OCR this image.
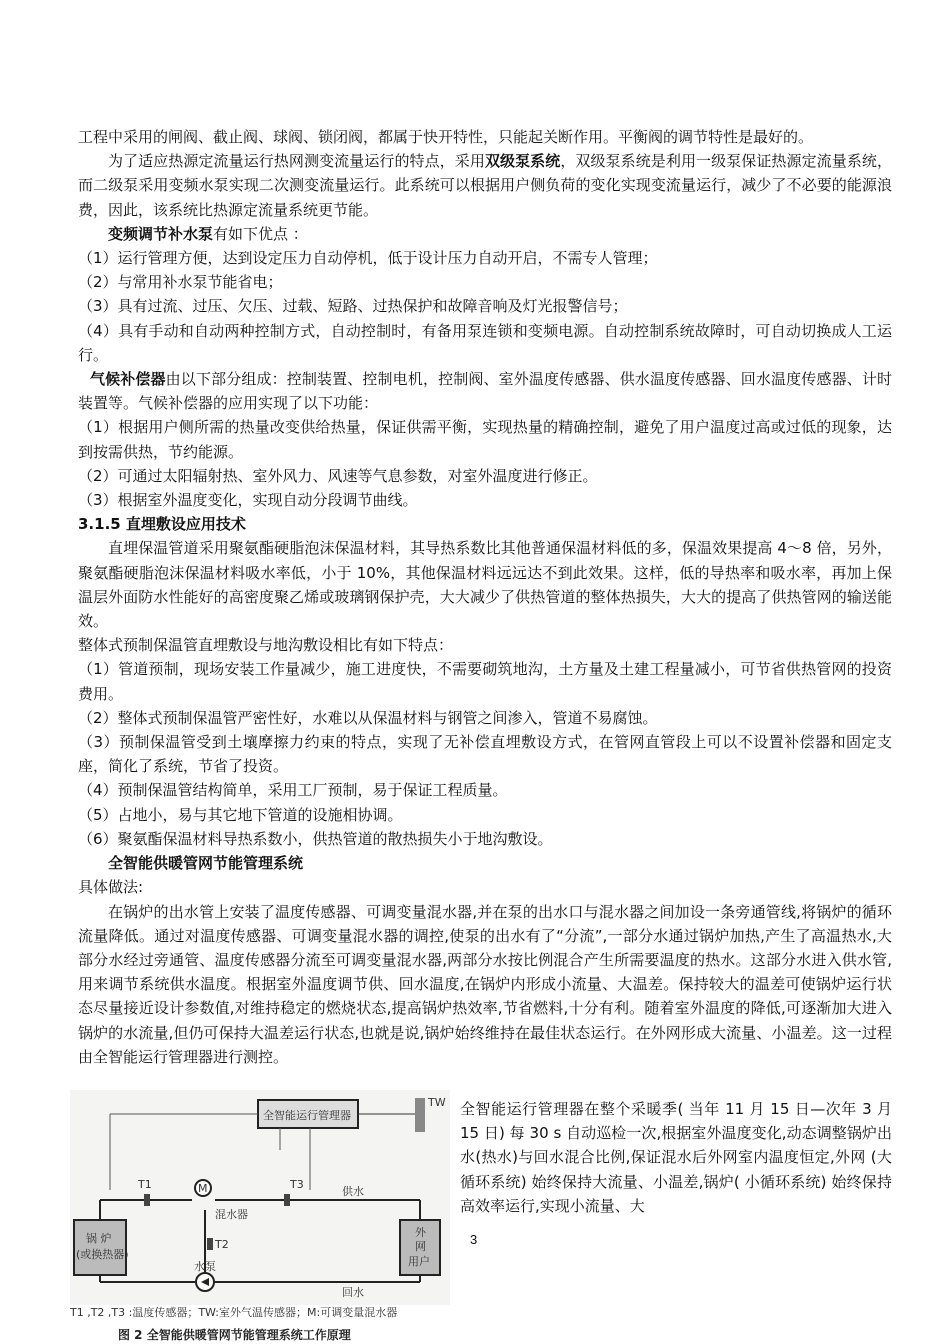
工程中采用的闸阀、截止阀、球阀、锁闭阀，都属于快开特性，只能起关断作用。平衡阀的调节特性是最好的。

为了适应热源定流量运行热网测变流量运行的特点，采用双级泵系统，双级泵系统是利用一级泵保证热源定流量系统，而二级泵采用变频水泵实现二次测变流量运行。此系统可以根据用户侧负荷的变化实现变流量运行，减少了不必要的能源浪费，因此，该系统比热源定流量系统更节能。

变频调节补水泵有如下优点 ：

（1）运行管理方便，达到设定压力自动停机，低于设计压力自动开启，不需专人管理；

（2）与常用补水泵节能省电；

（3）具有过流、过压、欠压、过载、短路、过热保护和故障音响及灯光报警信号；

（4）具有手动和自动两种控制方式，自动控制时，有备用泵连锁和变频电源。自动控制系统故障时，可自动切换成人工运行。

气候补偿器由以下部分组成：控制装置、控制电机，控制阀、室外温度传感器、供水温度传感器、回水温度传感器、计时装置等。气候补偿器的应用实现了以下功能：

（1）根据用户侧所需的热量改变供给热量，保证供需平衡，实现热量的精确控制，避免了用户温度过高或过低的现象，达到按需供热，节约能源。

（2）可通过太阳辐射热、室外风力、风速等气息参数，对室外温度进行修正。

（3）根据室外温度变化，实现自动分段调节曲线。

3.1.5 直埋敷设应用技术

直埋保温管道采用聚氨酯硬脂泡沫保温材料，其导热系数比其他普通保温材料低的多，保温效果提高 4～8 倍，另外，聚氨酯硬脂泡沫保温材料吸水率低，小于 10%，其他保温材料远远达不到此效果。这样，低的导热率和吸水率，再加上保温层外面防水性能好的高密度聚乙烯或玻璃钢保护壳，大大减少了供热管道的整体热损失，大大的提高了供热管网的输送能效。

整体式预制保温管直埋敷设与地沟敷设相比有如下特点：

（1）管道预制，现场安装工作量减少，施工进度快，不需要砌筑地沟，土方量及土建工程量减小，可节省供热管网的投资费用。

（2）整体式预制保温管严密性好，水难以从保温材料与钢管之间渗入，管道不易腐蚀。

（3）预制保温管受到土壤摩擦力约束的特点，实现了无补偿直埋敷设方式，在管网直管段上可以不设置补偿器和固定支座，简化了系统，节省了投资。

（4）预制保温管结构简单，采用工厂预制，易于保证工程质量。

（5）占地小，易与其它地下管道的设施相协调。

（6）聚氨酯保温材料导热系数小，供热管道的散热损失小于地沟敷设。

全智能供暖管网节能管理系统

具体做法:

在锅炉的出水管上安装了温度传感器、可调变量混水器,并在泵的出水口与混水器之间加设一条旁通管线,将锅炉的循环流量降低。通过对温度传感器、可调变量混水器的调控,使泵的出水有了“分流”,一部分水通过锅炉加热,产生了高温热水,大部分水经过旁通管、温度传感器分流至可调变量混水器,两部分水按比例混合产生所需要温度的热水。这部分水进入供水管,用来调节系统供水温度。根据室外温度调节供、回水温度,在锅炉内形成小流量、大温差。保持较大的温差可使锅炉运行状态尽量接近设计参数值,对维持稳定的燃烧状态,提高锅炉热效率,节省燃料,十分有利。随着室外温度的降低,可逐渐加大进入锅炉的水流量,但仍可保持大温差运行状态,也就是说,锅炉始终维持在最佳状态运行。在外网形成大流量、小温差。这一过程由全智能运行管理器进行测控。

全智能运行管理器
TW
M
T1
T2
T3
混水器
供水
回水
水泵
锅 炉
(或换热器)
外
网
用户
T1 ,T2 ,T3 :温度传感器；TW:室外气温传感器；M:可调变量混水器
图 2 全智能供暖管网节能管理系统工作原理
全智能运行管理器在整个采暖季( 当年 11 月 15 日—次年 3 月 15 日) 每 30 s 自动巡检一次,根据室外温度变化,动态调整锅炉出水(热水)与回水混合比例,保证混水后外网室内温度恒定,外网 (大循环系统) 始终保持大流量、小温差,锅炉( 小循环系统) 始终保持高效率运行,实现小流量、大
3
